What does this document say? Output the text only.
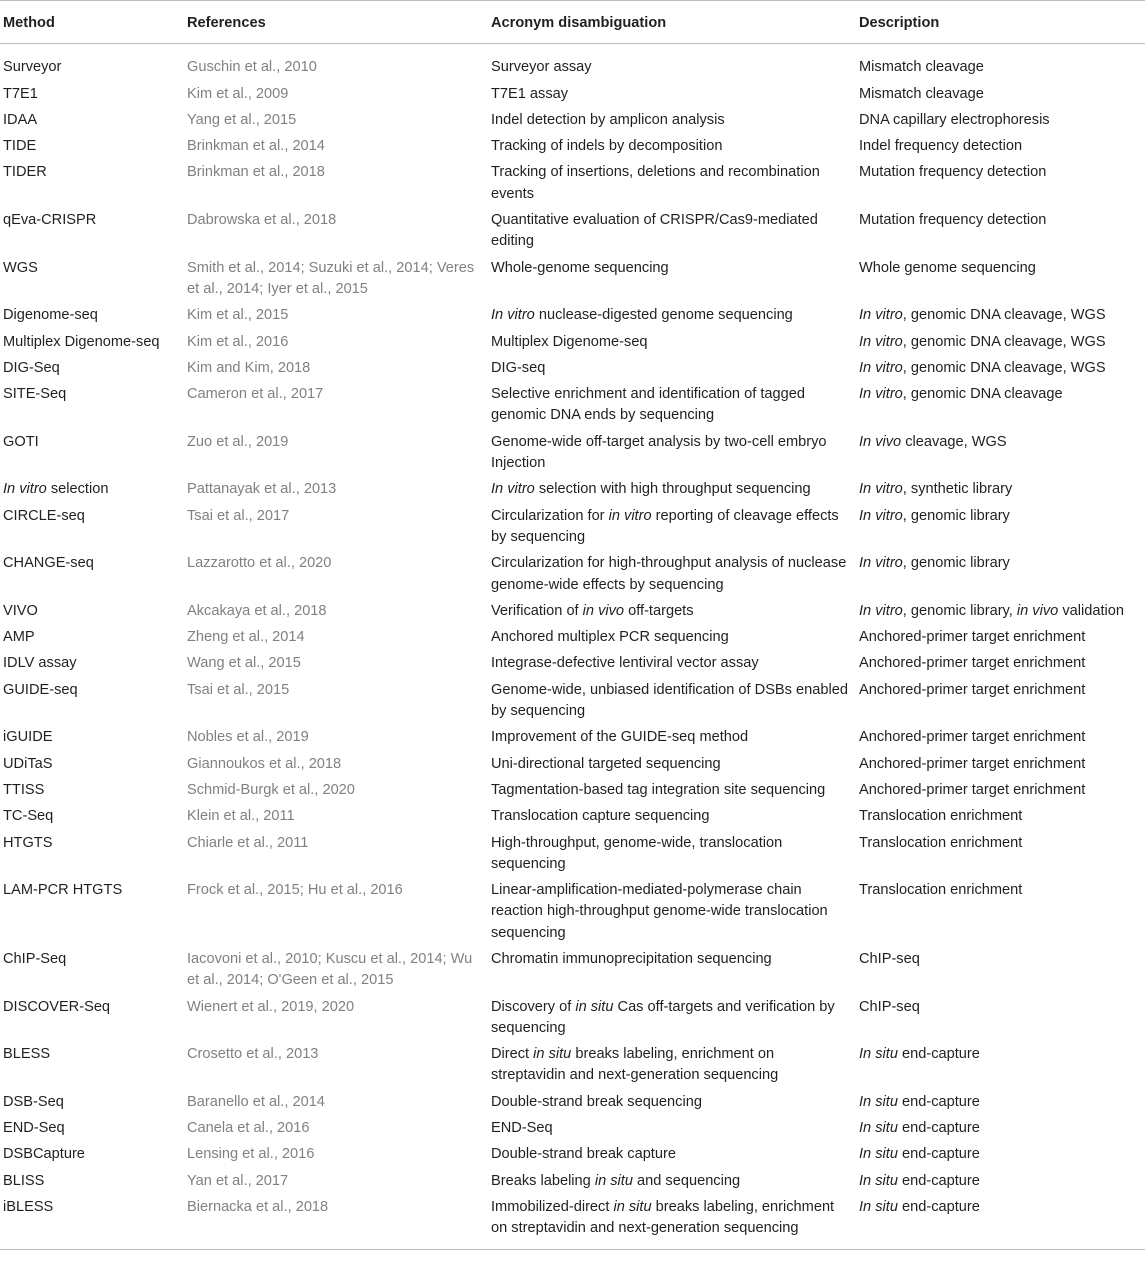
Method	References	Acronym disambiguation	Description
Surveyor	Guschin et al., 2010	Surveyor assay	Mismatch cleavage
T7E1	Kim et al., 2009	T7E1 assay	Mismatch cleavage
IDAA	Yang et al., 2015	Indel detection by amplicon analysis	DNA capillary electrophoresis
TIDE	Brinkman et al., 2014	Tracking of indels by decomposition	Indel frequency detection
TIDER	Brinkman et al., 2018	Tracking of insertions, deletions and recombination events	Mutation frequency detection
qEva-CRISPR	Dabrowska et al., 2018	Quantitative evaluation of CRISPR/Cas9-mediated editing	Mutation frequency detection
WGS	Smith et al., 2014; Suzuki et al., 2014; Veres et al., 2014; Iyer et al., 2015	Whole-genome sequencing	Whole genome sequencing
Digenome-seq	Kim et al., 2015	In vitro nuclease-digested genome sequencing	In vitro, genomic DNA cleavage, WGS
Multiplex Digenome-seq	Kim et al., 2016	Multiplex Digenome-seq	In vitro, genomic DNA cleavage, WGS
DIG-Seq	Kim and Kim, 2018	DIG-seq	In vitro, genomic DNA cleavage, WGS
SITE-Seq	Cameron et al., 2017	Selective enrichment and identification of tagged genomic DNA ends by sequencing	In vitro, genomic DNA cleavage
GOTI	Zuo et al., 2019	Genome-wide off-target analysis by two-cell embryo Injection	In vivo cleavage, WGS
In vitro selection	Pattanayak et al., 2013	In vitro selection with high throughput sequencing	In vitro, synthetic library
CIRCLE-seq	Tsai et al., 2017	Circularization for in vitro reporting of cleavage effects by sequencing	In vitro, genomic library
CHANGE-seq	Lazzarotto et al., 2020	Circularization for high-throughput analysis of nuclease genome-wide effects by sequencing	In vitro, genomic library
VIVO	Akcakaya et al., 2018	Verification of in vivo off-targets	In vitro, genomic library, in vivo validation
AMP	Zheng et al., 2014	Anchored multiplex PCR sequencing	Anchored-primer target enrichment
IDLV assay	Wang et al., 2015	Integrase-defective lentiviral vector assay	Anchored-primer target enrichment
GUIDE-seq	Tsai et al., 2015	Genome-wide, unbiased identification of DSBs enabled by sequencing	Anchored-primer target enrichment
iGUIDE	Nobles et al., 2019	Improvement of the GUIDE-seq method	Anchored-primer target enrichment
UDiTaS	Giannoukos et al., 2018	Uni-directional targeted sequencing	Anchored-primer target enrichment
TTISS	Schmid-Burgk et al., 2020	Tagmentation-based tag integration site sequencing	Anchored-primer target enrichment
TC-Seq	Klein et al., 2011	Translocation capture sequencing	Translocation enrichment
HTGTS	Chiarle et al., 2011	High-throughput, genome-wide, translocation sequencing	Translocation enrichment
LAM-PCR HTGTS	Frock et al., 2015; Hu et al., 2016	Linear-amplification-mediated-polymerase chain reaction high-throughput genome-wide translocation sequencing	Translocation enrichment
ChIP-Seq	Iacovoni et al., 2010; Kuscu et al., 2014; Wu et al., 2014; O'Geen et al., 2015	Chromatin immunoprecipitation sequencing	ChIP-seq
DISCOVER-Seq	Wienert et al., 2019, 2020	Discovery of in situ Cas off-targets and verification by sequencing	ChIP-seq
BLESS	Crosetto et al., 2013	Direct in situ breaks labeling, enrichment on streptavidin and next-generation sequencing	In situ end-capture
DSB-Seq	Baranello et al., 2014	Double-strand break sequencing	In situ end-capture
END-Seq	Canela et al., 2016	END-Seq	In situ end-capture
DSBCapture	Lensing et al., 2016	Double-strand break capture	In situ end-capture
BLISS	Yan et al., 2017	Breaks labeling in situ and sequencing	In situ end-capture
iBLESS	Biernacka et al., 2018	Immobilized-direct in situ breaks labeling, enrichment on streptavidin and next-generation sequencing	In situ end-capture
